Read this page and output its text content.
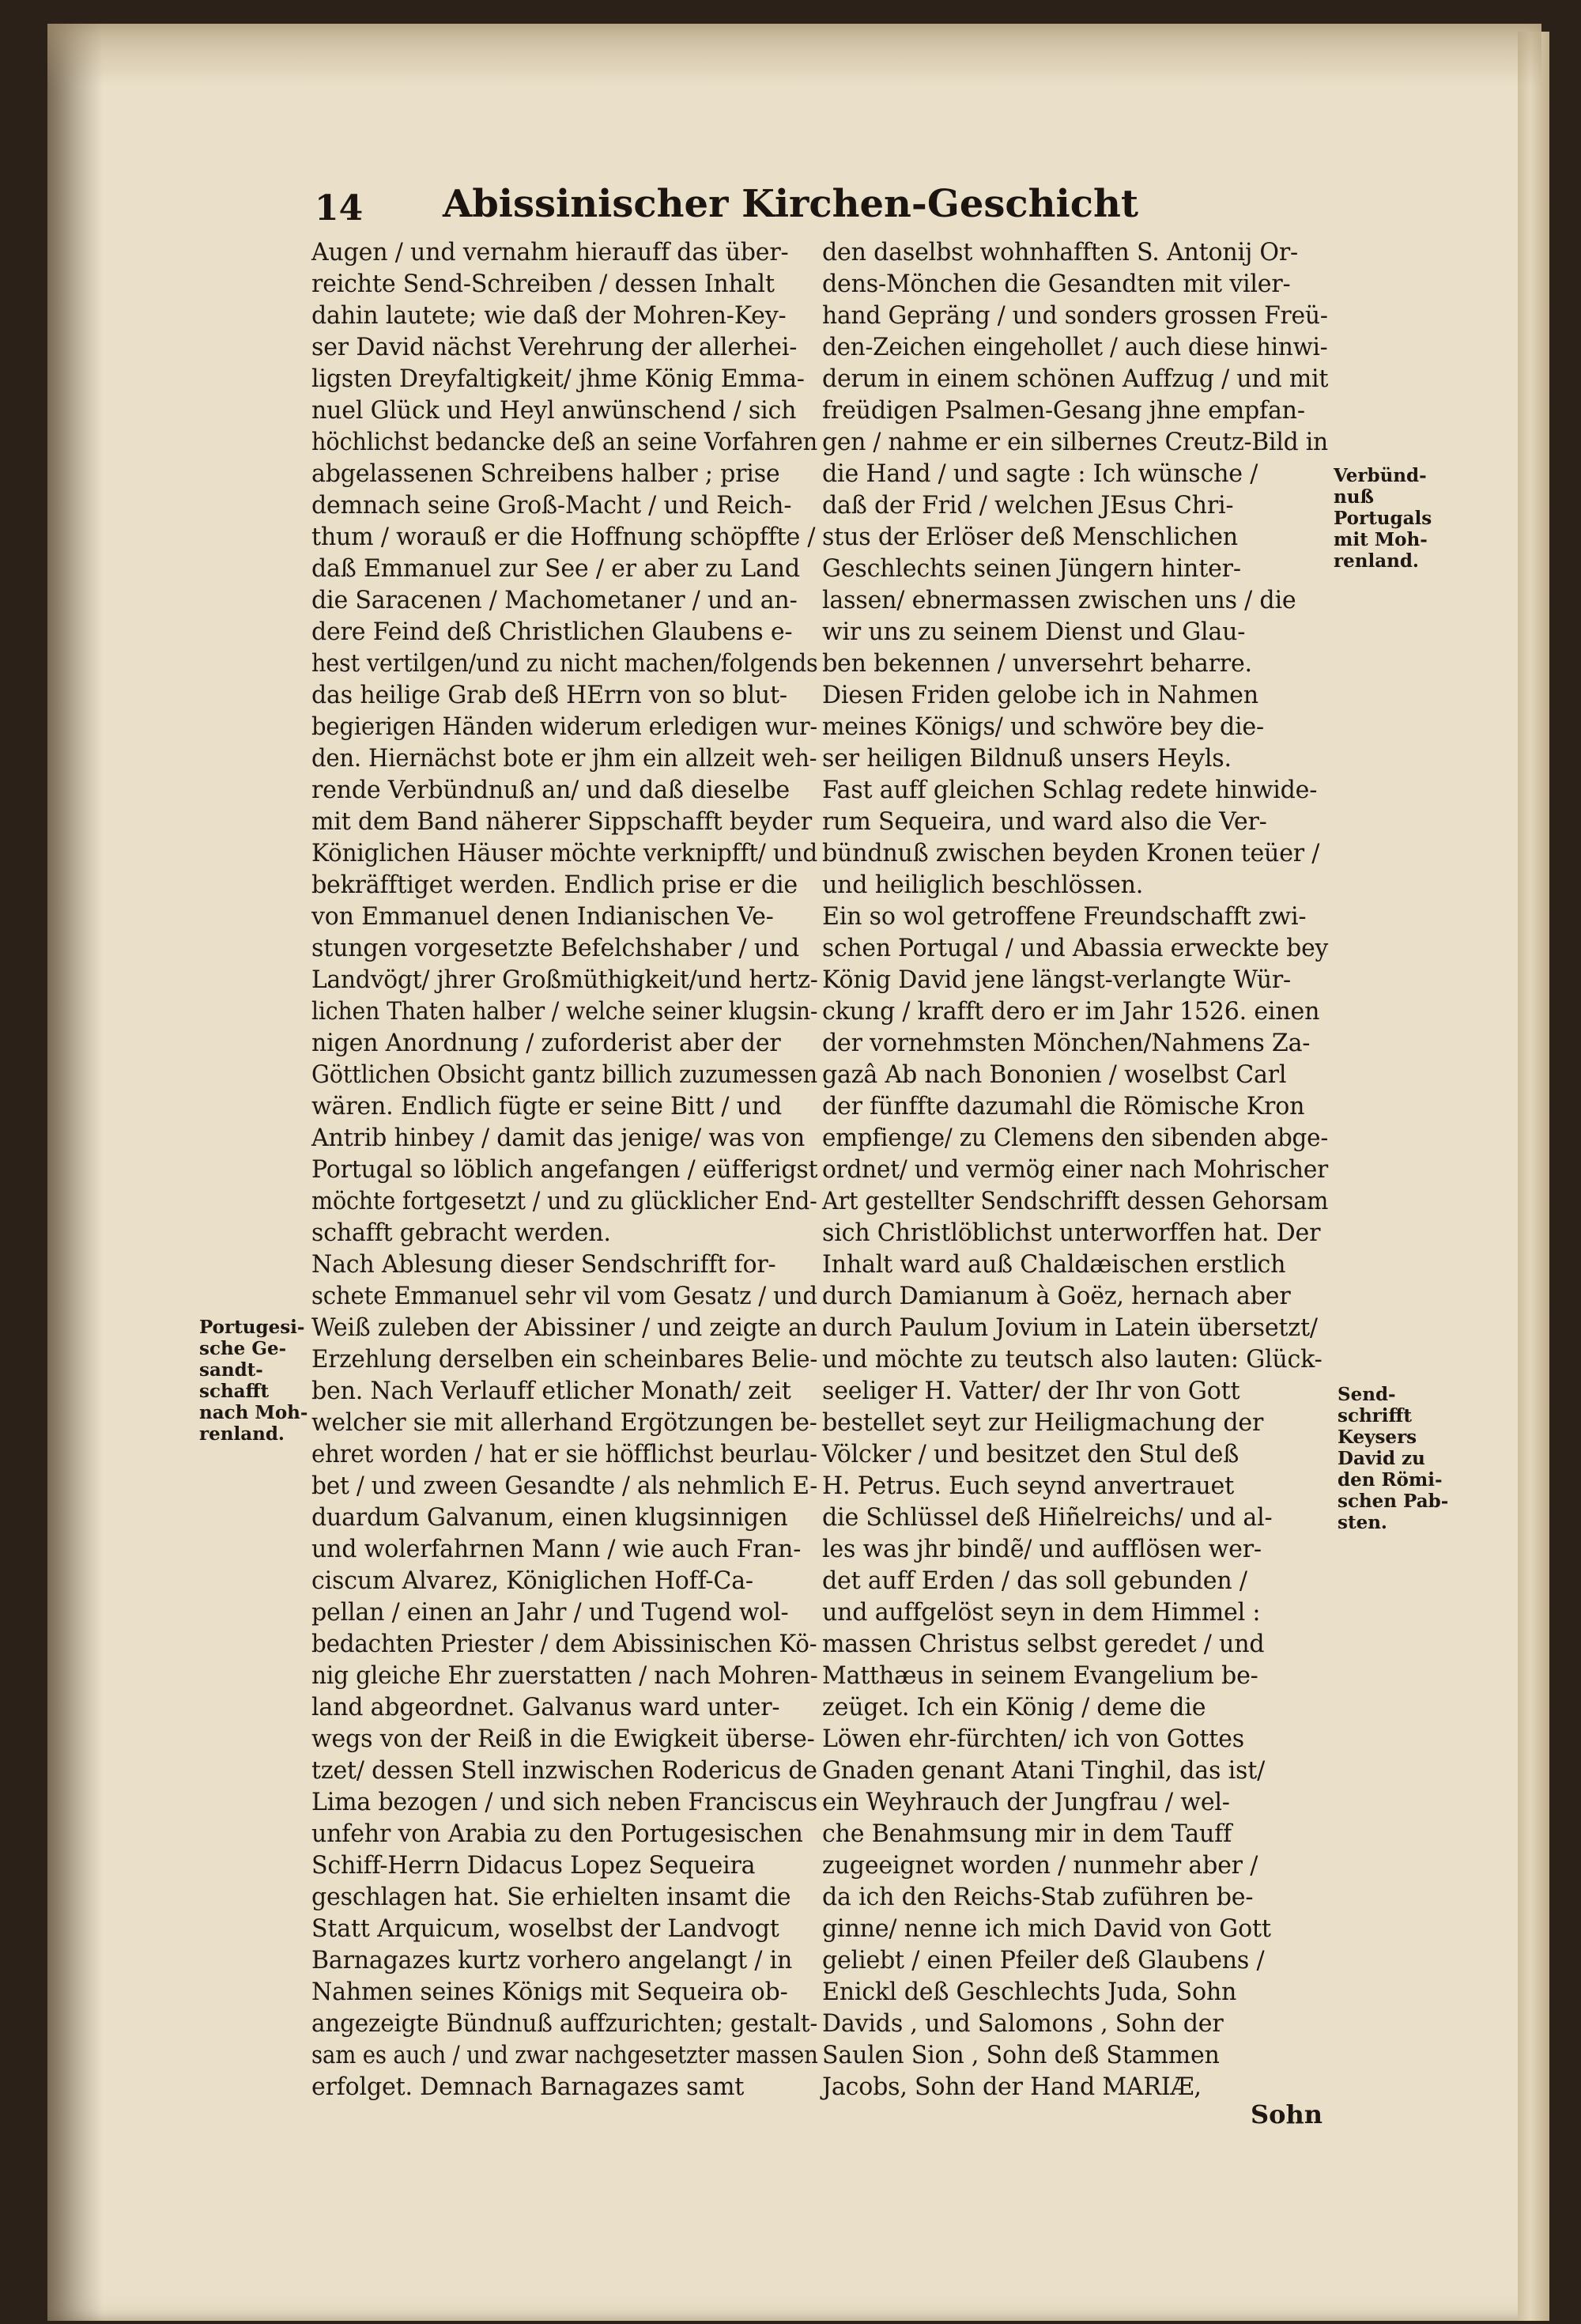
14	Abissinischer Kirchen-Geschicht
Augen / und vernahm hierauff das über-
reichte Send-Schreiben / dessen Inhalt
dahin lautete; wie daß der Mohren-Key-
ser David nächst Verehrung der allerhei-
ligsten Dreyfaltigkeit/ jhme König Emma-
nuel Glück und Heyl anwünschend / sich
höchlichst bedancke deß an seine Vorfahren
abgelassenen Schreibens halber ; prise
demnach seine Groß-Macht / und Reich-
thum / worauß er die Hoffnung schöpffte /
daß Emmanuel zur See / er aber zu Land
die Saracenen / Machometaner / und an-
dere Feind deß Christlichen Glaubens e-
hest vertilgen/und zu nicht machen/folgends
das heilige Grab deß HErrn von so blut-
begierigen Händen widerum erledigen wur-
den. Hiernächst bote er jhm ein allzeit weh-
rende Verbündnuß an/ und daß dieselbe
mit dem Band näherer Sippschafft beyder
Königlichen Häuser möchte verknipfft/ und
bekräfftiget werden. Endlich prise er die
von Emmanuel denen Indianischen Ve-
stungen vorgesetzte Befelchshaber / und
Landvögt/ jhrer Großmüthigkeit/und hertz-
lichen Thaten halber / welche seiner klugsin-
nigen Anordnung / zuforderist aber der
Göttlichen Obsicht gantz billich zuzumessen
wären. Endlich fügte er seine Bitt / und
Antrib hinbey / damit das jenige/ was von
Portugal so löblich angefangen / eüfferigst
möchte fortgesetzt / und zu glücklicher End-
schafft gebracht werden.
Nach Ablesung dieser Sendschrifft for-
schete Emmanuel sehr vil vom Gesatz / und
Weiß zuleben der Abissiner / und zeigte an
Erzehlung derselben ein scheinbares Belie-
ben. Nach Verlauff etlicher Monath/ zeit
welcher sie mit allerhand Ergötzungen be-
ehret worden / hat er sie höfflichst beurlau-
bet / und zween Gesandte / als nehmlich E-
duardum Galvanum, einen klugsinnigen
und wolerfahrnen Mann / wie auch Fran-
ciscum Alvarez, Königlichen Hoff-Ca-
pellan / einen an Jahr / und Tugend wol-
bedachten Priester / dem Abissinischen Kö-
nig gleiche Ehr zuerstatten / nach Mohren-
land abgeordnet. Galvanus ward unter-
wegs von der Reiß in die Ewigkeit überse-
tzet/ dessen Stell inzwischen Rodericus de
Lima bezogen / und sich neben Franciscus
unfehr von Arabia zu den Portugesischen
Schiff-Herrn Didacus Lopez Sequeira
geschlagen hat. Sie erhielten insamt die
Statt Arquicum, woselbst der Landvogt
Barnagazes kurtz vorhero angelangt / in
Nahmen seines Königs mit Sequeira ob-
angezeigte Bündnuß auffzurichten; gestalt-
sam es auch / und zwar nachgesetzter massen
erfolget. Demnach Barnagazes samt
den daselbst wohnhafften S. Antonij Or-
dens-Mönchen die Gesandten mit viler-
hand Gepräng / und sonders grossen Freü-
den-Zeichen eingehollet / auch diese hinwi-
derum in einem schönen Auffzug / und mit
freüdigen Psalmen-Gesang jhne empfan-
gen / nahme er ein silbernes Creutz-Bild in
die Hand / und sagte : Ich wünsche /
daß der Frid / welchen JEsus Chri-
stus der Erlöser deß Menschlichen
Geschlechts seinen Jüngern hinter-
lassen/ ebnermassen zwischen uns / die
wir uns zu seinem Dienst und Glau-
ben bekennen / unversehrt beharre.
Diesen Friden gelobe ich in Nahmen
meines Königs/ und schwöre bey die-
ser heiligen Bildnuß unsers Heyls.
Fast auff gleichen Schlag redete hinwide-
rum Sequeira, und ward also die Ver-
bündnuß zwischen beyden Kronen teüer /
und heiliglich beschlössen.
Ein so wol getroffene Freundschafft zwi-
schen Portugal / und Abassia erweckte bey
König David jene längst-verlangte Wür-
ckung / krafft dero er im Jahr 1526. einen
der vornehmsten Mönchen/Nahmens Za-
gazâ Ab nach Bononien / woselbst Carl
der fünffte dazumahl die Römische Kron
empfienge/ zu Clemens den sibenden abge-
ordnet/ und vermög einer nach Mohrischer
Art gestellter Sendschrifft dessen Gehorsam
sich Christlöblichst unterworffen hat. Der
Inhalt ward auß Chaldæischen erstlich
durch Damianum à Goëz, hernach aber
durch Paulum Jovium in Latein übersetzt/
und möchte zu teutsch also lauten: Glück-
seeliger H. Vatter/ der Ihr von Gott
bestellet seyt zur Heiligmachung der
Völcker / und besitzet den Stul deß
H. Petrus. Euch seynd anvertrauet
die Schlüssel deß Hiñelreichs/ und al-
les was jhr bindẽ/ und aufflösen wer-
det auff Erden / das soll gebunden /
und auffgelöst seyn in dem Himmel :
massen Christus selbst geredet / und
Matthæus in seinem Evangelium be-
zeüget. Ich ein König / deme die
Löwen ehr-fürchten/ ich von Gottes
Gnaden genant Atani Tinghil, das ist/
ein Weyhrauch der Jungfrau / wel-
che Benahmsung mir in dem Tauff
zugeeignet worden / nunmehr aber /
da ich den Reichs-Stab zuführen be-
ginne/ nenne ich mich David von Gott
geliebt / einen Pfeiler deß Glaubens /
Enickl deß Geschlechts Juda, Sohn
Davids , und Salomons , Sohn der
Saulen Sion , Sohn deß Stammen
Jacobs, Sohn der Hand MARIÆ,
Portugesi-
sche Ge-
sandt-
schafft
nach Moh-
renland.
Verbünd-
nuß
Portugals
mit Moh-
renland.
Send-
schrifft
Keysers
David zu
den Römi-
schen Pab-
sten.
Sohn
